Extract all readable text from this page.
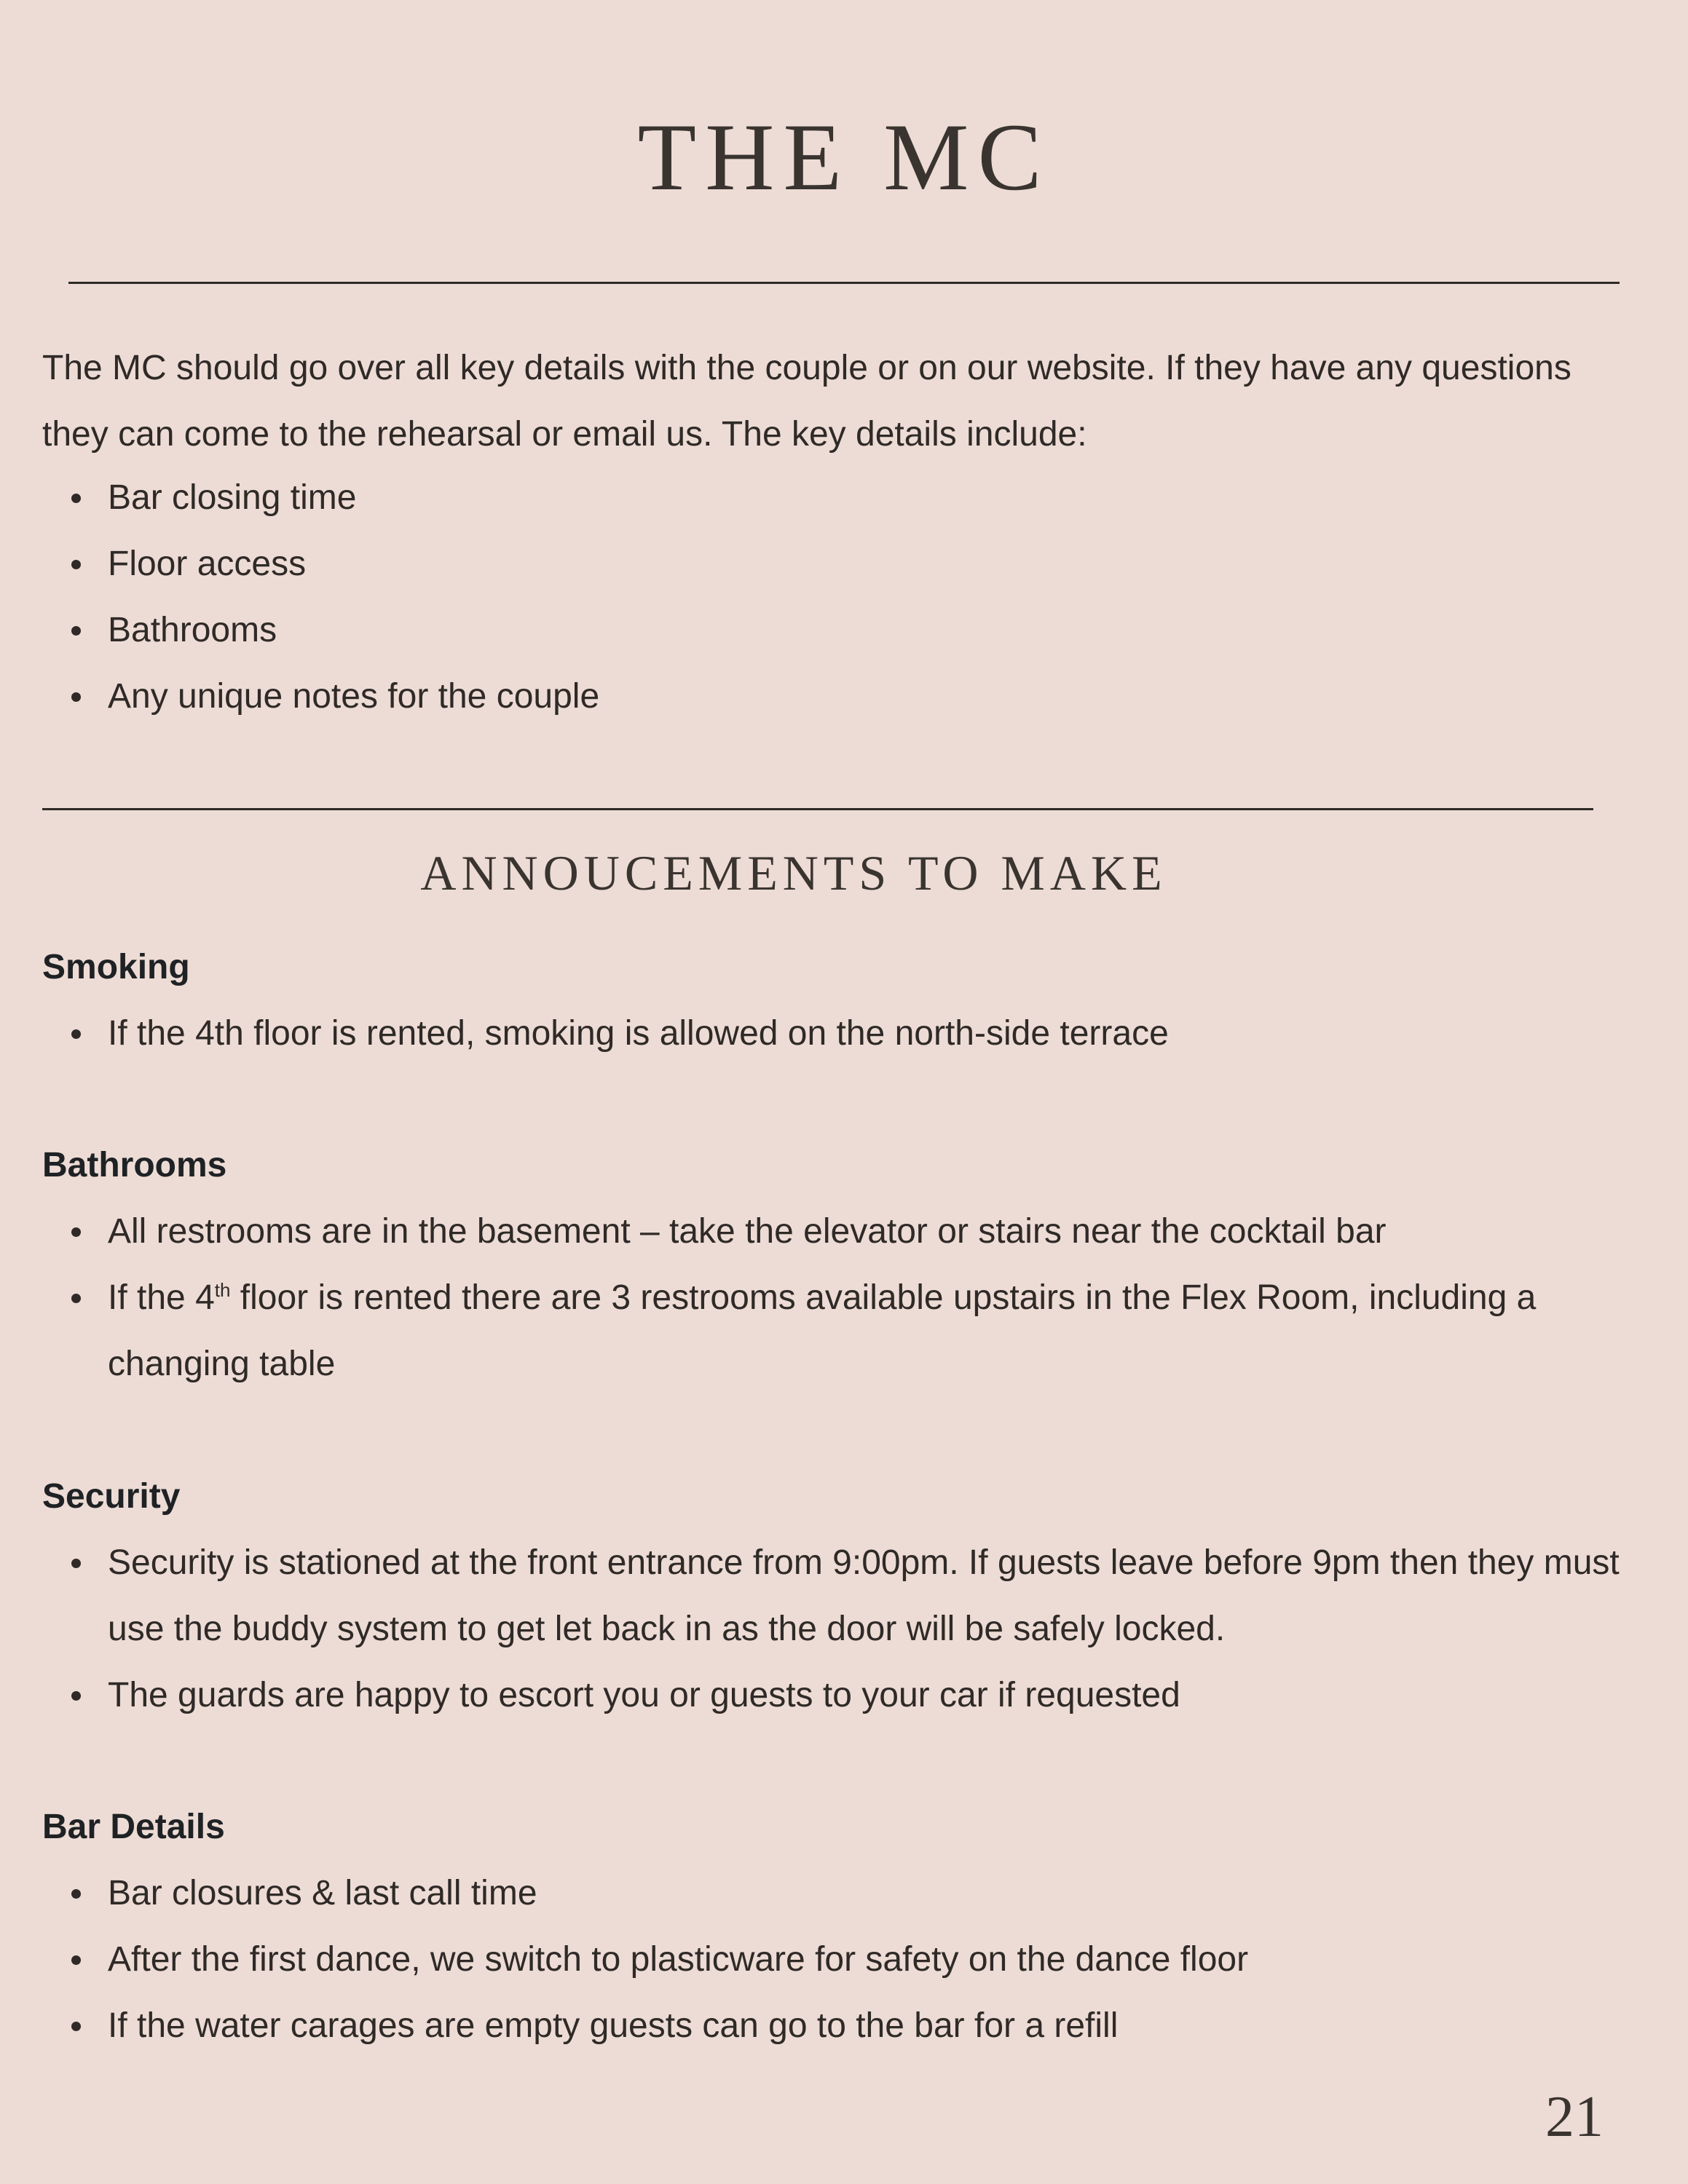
THE MC

The MC should go over all key details with the couple or on our website. If they have any questions they can come to the rehearsal or email us. The key details include:

Bar closing time
Floor access
Bathrooms
Any unique notes for the couple
ANNOUCEMENTS TO MAKE
Smoking
If the 4th floor is rented, smoking is allowed on the north-side terrace
Bathrooms
All restrooms are in the basement – take the elevator or stairs near the cocktail bar
If the 4th floor is rented there are 3 restrooms available upstairs in the Flex Room, including a changing table
Security
Security is stationed at the front entrance from 9:00pm. If guests leave before 9pm then they must use the buddy system to get let back in as the door will be safely locked.
The guards are happy to escort you or guests to your car if requested
Bar Details
Bar closures & last call time
After the first dance, we switch to plasticware for safety on the dance floor
If the water carages are empty guests can go to the bar for a refill
21
